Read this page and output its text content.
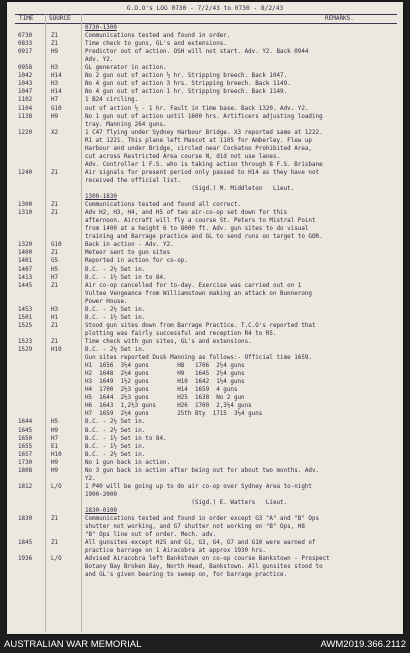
G.O.O's LOG 0730 - 7/2/43 to 0730 - 8/2/43
TIME	SOURCE	REMARKS.
0730-1300
0730	Z1	Communications tested and found in order.
0833	Z1	Time check to guns, GL's and extensions.
0917	H9	Predictor out of action. OSH will not start. Adv. Y2. Back 0944
Adv. Y2.
0958	H3	GL generator in action.
1042	H14	No 2 gun out of action ½ hr. Stripping breech. Back 1047.
1043	H3	No 4 gun out of action 3 hrs. Stripping breech. Back 1149.
1047	H14	No 4 gun out of action 1 hr. Stripping breech. Back 1149.
1102	H7	1 B24 circling.
1104	G10	out of action ½ - 1 hr. Fault in time base. Back 1320. Adv. Y2.
1138	H9	No 1 gun out of action until 1600 hrs. Artificers adjusting loading
tray. Manning 264 guns.
1220	X2	1 C47 flying under Sydney Harbour Bridge. X3 reported same at 1222.
R1 at 1221. This plane left Mascot at 1105 for Amberley. Flew up
Harbour and under Bridge, circled near Cockatoo Prohibited Area,
cut across Restricted Area course N, did not use lanes.
Adv. Controller 1 F.S. who is taking action through 8 F.S. Brisbane
1240	Z1	Air signals for present period only passed to H14 as they have not
received the official list.
(Sigd.) M. Middleton   Lieut.
1300-1830
1300	Z1	Communications tested and found all correct.
1310	Z1	Adv H2, H3, H4, and H5 of two air-co-op set down for this
afternoon. Aircraft will fly a course St. Peters to Mistral Point
from 1400 at a height 6 to 8000 ft. Adv. gun sites to do visual
training and Barrage practice and GL to send runs on target to GOR.
1320	G10	Back in action - Adv. Y2.
1400	Z1	Meteor sent to gun sites
1401	G5	Reported in action for co-op.
1407	H5	B.C. - 2½ Set in.
1413	H7	B.C. - 1½ Set in to 84.
1445	Z1	Air co-op cancelled for to-day. Exercise was carried out on 1
Vultee Vengeance from Williamstown making an attack on Bunnerong
Power House.
1453	H3	B.C. - 2½ Set in.
1501	H1	B.C. - 1½ Set in.
1525	Z1	Stood gun sites down from Barrage Practice. T.C.O's reported that
plotting was fairly successful and reception R4 to R5.
1523	Z1	Time check with gun sites, GL's and extensions.
1529	H10	B.C. - 2½ Set in.
Gun sites reported Dusk Manning as follows:- Official time 1659.
H1  1656  3½4 guns        H8   1706  2½4 guns
H2  1648  2½4 guns        H9   1645  2½4 guns
H3  1649  1½2 guns        H10  1642  1½4 guns
H4  1700  2½3 guns        H14  1659  4 guns
H5  1644  2½3 guns        H25  1638  No 2 gun
H6  1643  1,2½3 guns      H26  1700  2,3½4 guns
H7  1659  2½4 guns        25th Bty  1715  3½4 guns
1644	H5	B.C. - 2½ Set in.
1645	H9	B.C. - 2½ Set in.
1650	H7	B.C. - 1½ Set in to 84.
1655	E1	B.C. - 1½ Set in.
1657	H10	B.C. - 2½ Set in.
1730	H9	No 1 gun back in action.
1808	H9	No 3 gun back in action after being out for about two months. Adv.
Y2.
1812	L/O	1 P40 will be going up to do air co-op over Sydney Area to-night
1900-2000
(Sigd.) E. Watters   Lieut.
1830-0100
1830	Z1	Communications tested and found in order except G3 "A" and "B" Ops
shutter not working, and G7 shutter not working on "B" Ops, H8
"B" Ops line out of order. Mech. adv.
1845	Z1	All gunsites except H25 and G1, G3, G4, G7 and G10 were warned of
practice barrage on 1 Airacobra at approx 1930 hrs.
1936	L/O	Advised Airacobra left Bankstown on co-op course Bankstown - Prospect
Botany Bay Broken Bay, North Head, Bankstown. All gunsites stood to
and GL's given bearing to sweep on, for barrage practice.
AUSTRALIAN WAR MEMORIAL	AWM2019.366.2112
